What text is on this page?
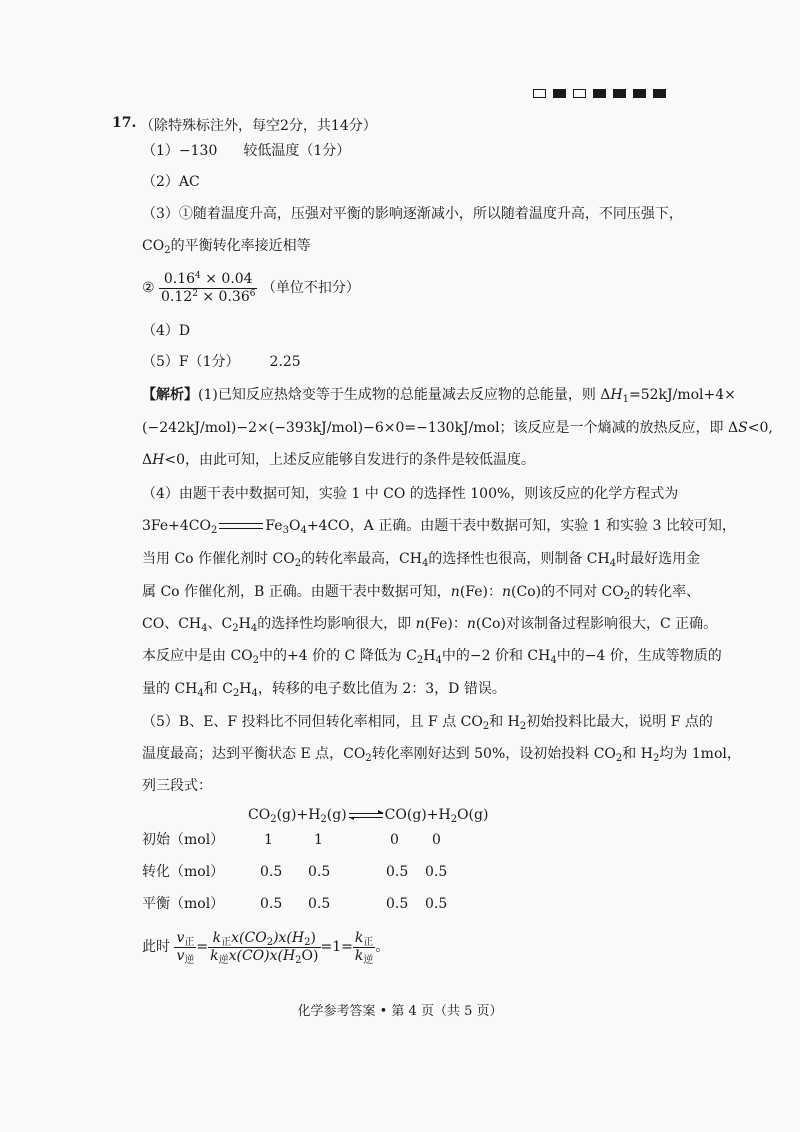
17. （除特殊标注外，每空2分，共14分）
（1）−130 较低温度（1分）
（2）AC
（3）①随着温度升高，压强对平衡的影响逐渐减小，所以随着温度升高，不同压强下，
$CO_2$的平衡转化率接近相等
② $\frac{0.16^4 \times 0.04}{0.12^2 \times 0.36^6}$ （单位不扣分）
（4）D
（5）F（1分） 2.25
【解析】(1)已知反应热焓变等于生成物的总能量减去反应物的总能量，则 $\Delta H_1=52kJ/mol+4\times$
(−242kJ/mol)−2×(−393kJ/mol)−6×0=−130kJ/mol；该反应是一个熵减的放热反应，即 ΔS<0,
ΔH<0，由此可知，上述反应能够自发进行的条件是较低温度。
（4）由题干表中数据可知，实验 1 中 CO 的选择性 100%，则该反应的化学方程式为
$3Fe+4CO_2$	$Fe_3O_4+4CO$，A 正确。由题干表中数据可知，实验 1 和实验 3 比较可知，
当用 Co 作催化剂时 $CO_2$的转化率最高，$CH_4$的选择性也很高，则制备 $CH_4$时最好选用金
属 Co 作催化剂，B 正确。由题干表中数据可知，n(Fe)：n(Co)的不同对 $CO_2$的转化率、
CO、$CH_4$、$C_2H_4$的选择性均影响很大，即 n(Fe)：n(Co)对该制备过程影响很大，C 正确。
本反应中是由 $CO_2$中的+4 价的 C 降低为 $C_2H_4$中的−2 价和 $CH_4$中的−4 价，生成等物质的
量的 $CH_4$和 $C_2H_4$，转移的电子数比值为 2：3，D 错误。
（5）B、E、F 投料比不同但转化率相同，且 F 点 $CO_2$和 $H_2$初始投料比最大，说明 F 点的
温度最高；达到平衡状态 E 点，$CO_2$转化率刚好达到 50%，设初始投料 $CO_2$和 $H_2$均为 1mol，
列三段式：
$CO_2(g)+H_2(g)$	$CO(g)+H_2O(g)$
初始（mol）	1	1	0 0
转化（mol）	0.5 0.5	0.5 0.5
平衡（mol）	0.5 0.5	0.5 0.5
此时 $\frac{v_正}{v_逆} = \frac{k_正x(CO_2)x(H_2)}{k_逆x(CO)x(H_2O)} =1= \frac{k_正}{k_逆}$ 。
化学参考答案 • 第 4 页（共 5 页）
